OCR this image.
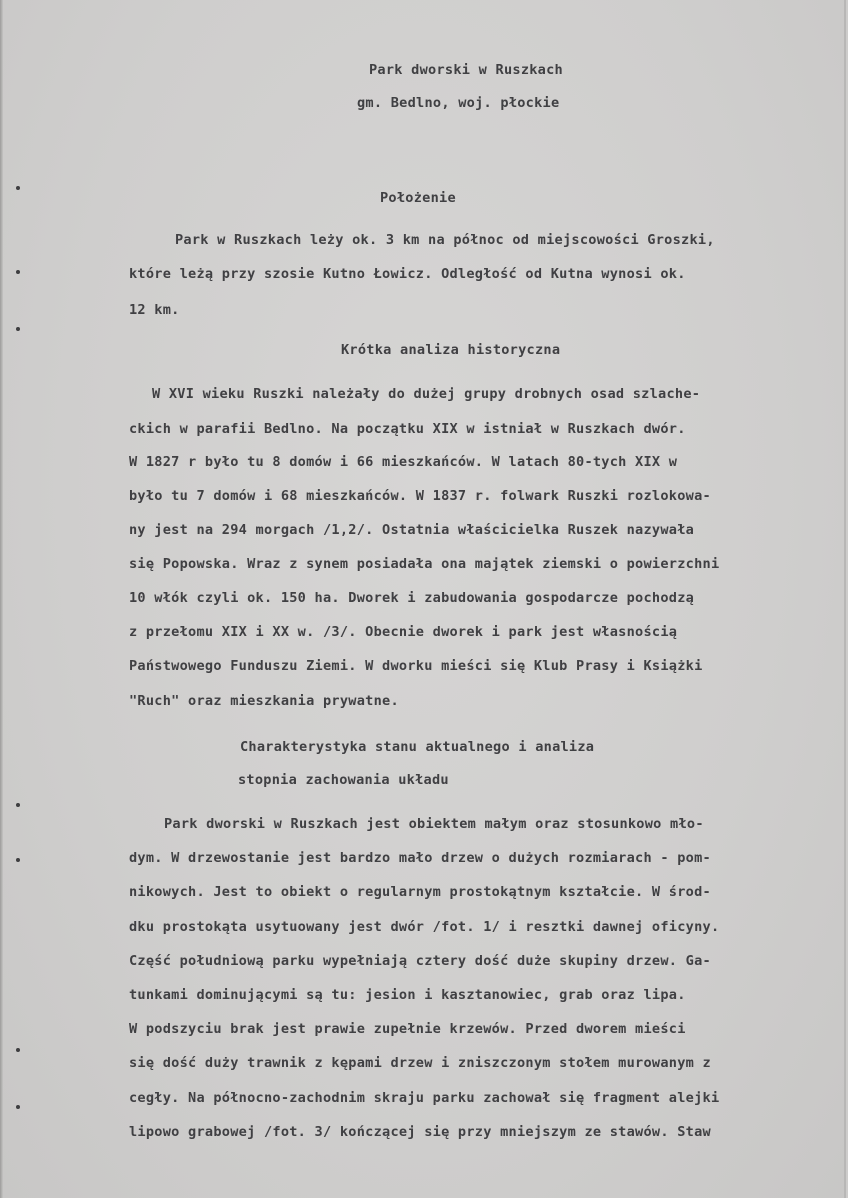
Park dworski w Ruszkach
gm. Bedlno, woj. płockie
Położenie
Park w Ruszkach leży ok. 3 km na północ od miejscowości Groszki,
które leżą przy szosie Kutno Łowicz. Odległość od Kutna wynosi ok.
12 km.
Krótka analiza historyczna
W XVI wieku Ruszki należały do dużej grupy drobnych osad szlache-
ckich w parafii Bedlno. Na początku XIX w istniał w Ruszkach dwór.
W 1827 r było tu 8 domów i 66 mieszkańców. W latach 80-tych XIX w
było tu 7 domów i 68 mieszkańców. W 1837 r. folwark Ruszki rozlokowa-
ny jest na 294 morgach /1,2/. Ostatnia właścicielka Ruszek nazywała
się Popowska. Wraz z synem posiadała ona majątek ziemski o powierzchni
10 włók czyli ok. 150 ha. Dworek i zabudowania gospodarcze pochodzą
z przełomu XIX i XX w. /3/. Obecnie dworek i park jest własnością
Państwowego Funduszu Ziemi. W dworku mieści się Klub Prasy i Książki
"Ruch" oraz mieszkania prywatne.
Charakterystyka stanu aktualnego i analiza
stopnia zachowania układu
Park dworski w Ruszkach jest obiektem małym oraz stosunkowo mło-
dym. W drzewostanie jest bardzo mało drzew o dużych rozmiarach - pom-
nikowych. Jest to obiekt o regularnym prostokątnym kształcie. W środ-
dku prostokąta usytuowany jest dwór /fot. 1/ i resztki dawnej oficyny.
Część południową parku wypełniają cztery dość duże skupiny drzew. Ga-
tunkami dominującymi są tu: jesion i kasztanowiec, grab oraz lipa.
W podszyciu brak jest prawie zupełnie krzewów. Przed dworem mieści
się dość duży trawnik z kępami drzew i zniszczonym stołem murowanym z
cegły. Na północno-zachodnim skraju parku zachował się fragment alejki
lipowo grabowej /fot. 3/ kończącej się przy mniejszym ze stawów. Staw
